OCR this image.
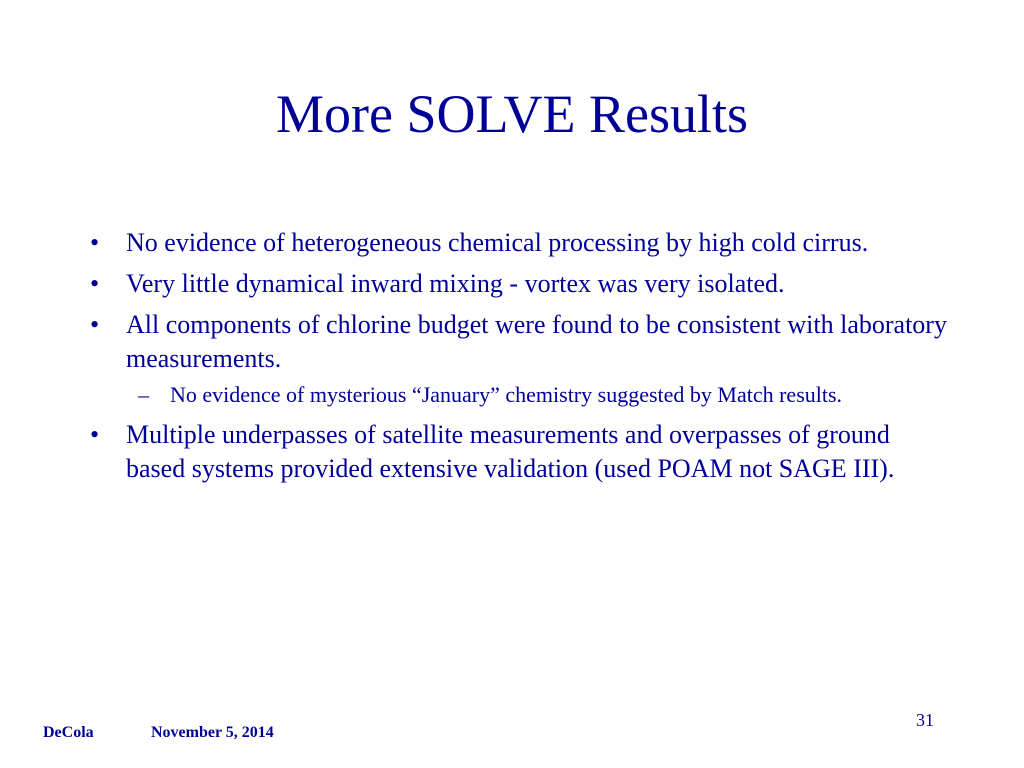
More SOLVE Results
•	No evidence of heterogeneous chemical processing by high cold cirrus.
•	Very little dynamical inward mixing - vortex was very isolated.
•	All components of chlorine budget were found to be consistent with laboratory measurements.
– No evidence of mysterious “January” chemistry suggested by Match results.
•	Multiple underpasses of satellite measurements and overpasses of ground based systems provided extensive validation (used POAM not SAGE III).
DeCola	November 5, 2014
31
